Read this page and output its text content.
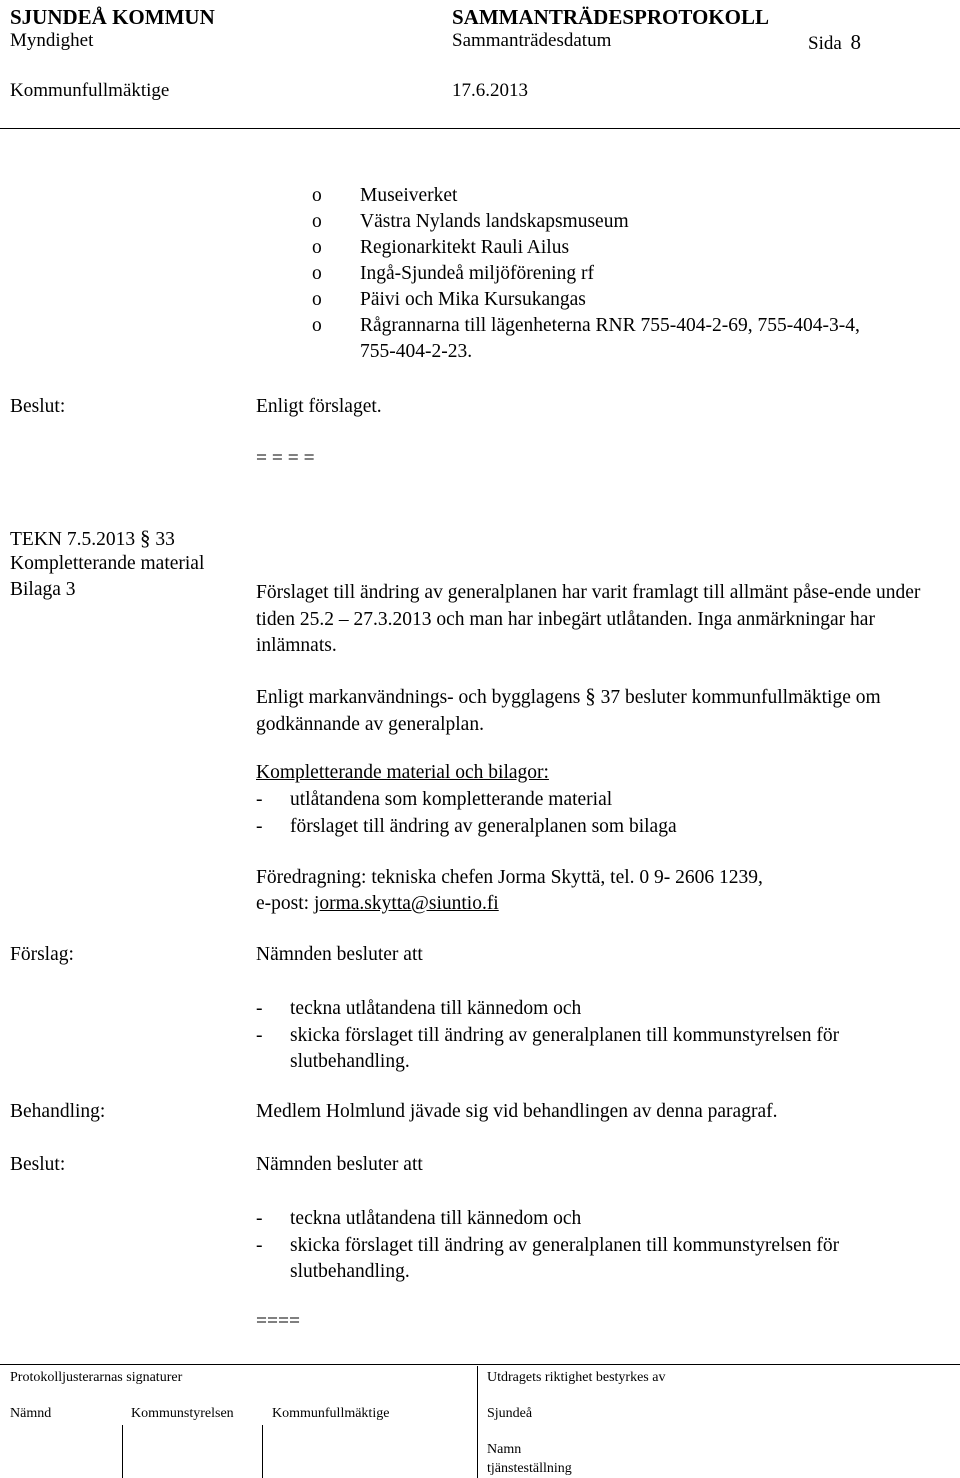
SJUNDEÅ KOMMUN	SAMMANTRÄDESPROTOKOLL
Myndighet	Sammanträdesdatum	Sida 8
Kommunfullmäktige	17.6.2013
o Museiverket
o Västra Nylands landskapsmuseum
o Regionarkitekt Rauli Ailus
o Ingå-Sjundeå miljöförening rf
o Päivi och Mika Kursukangas
o Rågrannarna till lägenheterna RNR 755-404-2-69, 755-404-3-4,
755-404-2-23.
Beslut:	Enligt förslaget.
= = = =
TEKN 7.5.2013 § 33
Kompletterande material
Bilaga 3	Förslaget till ändring av generalplanen har varit framlagt till allmänt påse-ende under tiden 25.2 – 27.3.2013 och man har inbegärt utlåtanden. Inga anmärkningar har inlämnats.
Enligt markanvändnings- och bygglagens § 37 besluter kommunfullmäktige om godkännande av generalplan.
Kompletterande material och bilagor:
- utlåtandena som kompletterande material
- förslaget till ändring av generalplanen som bilaga
Föredragning: tekniska chefen Jorma Skyttä, tel. 0 9- 2606 1239,
e-post: jorma.skytta@siuntio.fi
Förslag:	Nämnden besluter att
- teckna utlåtandena till kännedom och
- skicka förslaget till ändring av generalplanen till kommunstyrelsen för slutbehandling.
Behandling:	Medlem Holmlund jävade sig vid behandlingen av denna paragraf.
Beslut:	Nämnden besluter att
- teckna utlåtandena till kännedom och
- skicka förslaget till ändring av generalplanen till kommunstyrelsen för slutbehandling.
====
Protokolljusterarnas signaturer	Utdragets riktighet bestyrkes av
Nämnd	Kommunstyrelsen	Kommunfullmäktige	Sjundeå
Namn
tjänsteställning
